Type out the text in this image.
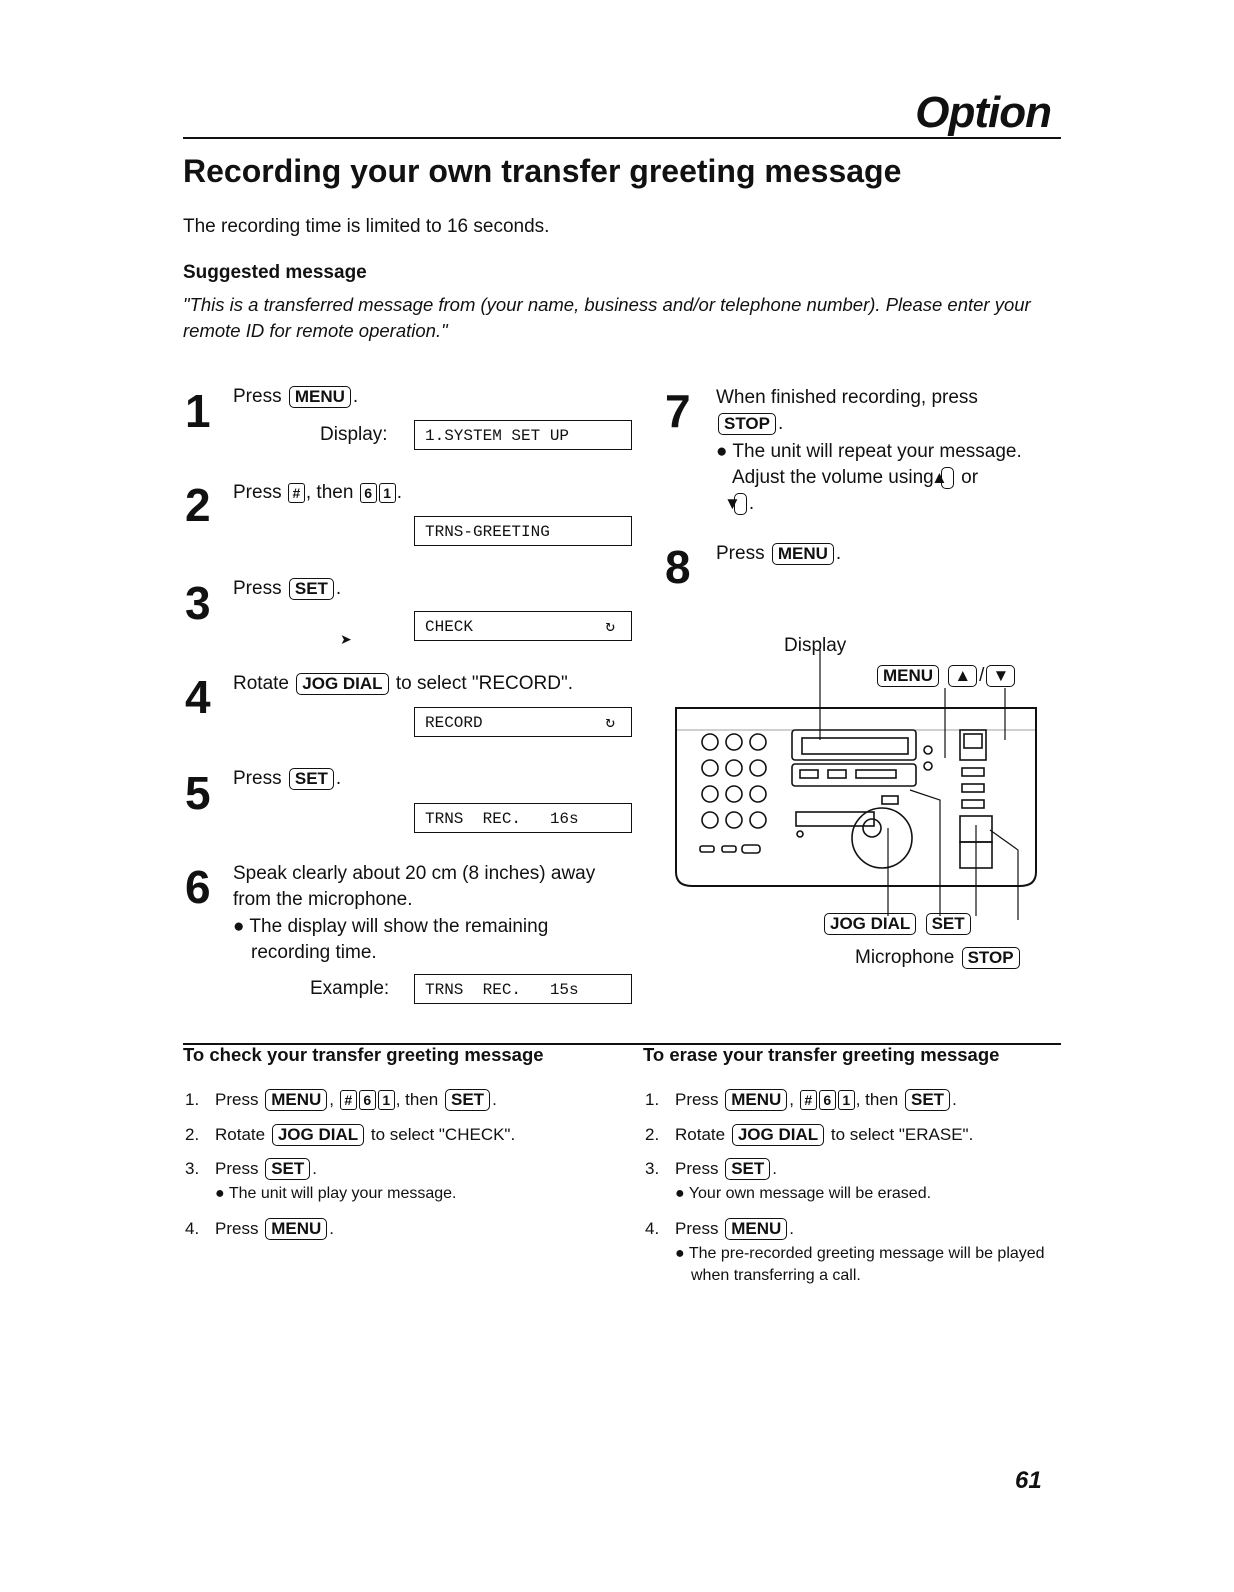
Option
Recording your own transfer greeting message
The recording time is limited to 16 seconds.
Suggested message
"This is a transferred message from (your name, business and/or telephone number). Please enter your remote ID for remote operation."
1 Press MENU .
Display:	1.SYSTEM SET UP
2 Press # , then 6 1 .
TRNS-GREETING
3 Press SET .
➤
CHECK	↻
4 Rotate JOG DIAL to select "RECORD".
RECORD	↻
5 Press SET .
TRNS  REC.   16s
6 Speak clearly about 20 cm (8 inches) away from the microphone.
● The display will show the remaining recording time.
Example:	TRNS  REC.   15s
7 When finished recording, press
STOP .
● The unit will repeat your message.
Adjust the volume using ▲ or
▼ .
8 Press MENU .
Display
MENU ▲ / ▼
JOG DIAL SET
Microphone STOP
To check your transfer greeting message
1. Press MENU , # 6 1 , then SET .
2. Rotate JOG DIAL to select "CHECK".
3. Press SET .
● The unit will play your message.
4. Press MENU .
To erase your transfer greeting message
1. Press MENU , # 6 1 , then SET .
2. Rotate JOG DIAL to select "ERASE".
3. Press SET .
● Your own message will be erased.
4. Press MENU .
● The pre-recorded greeting message will be played when transferring a call.
61
